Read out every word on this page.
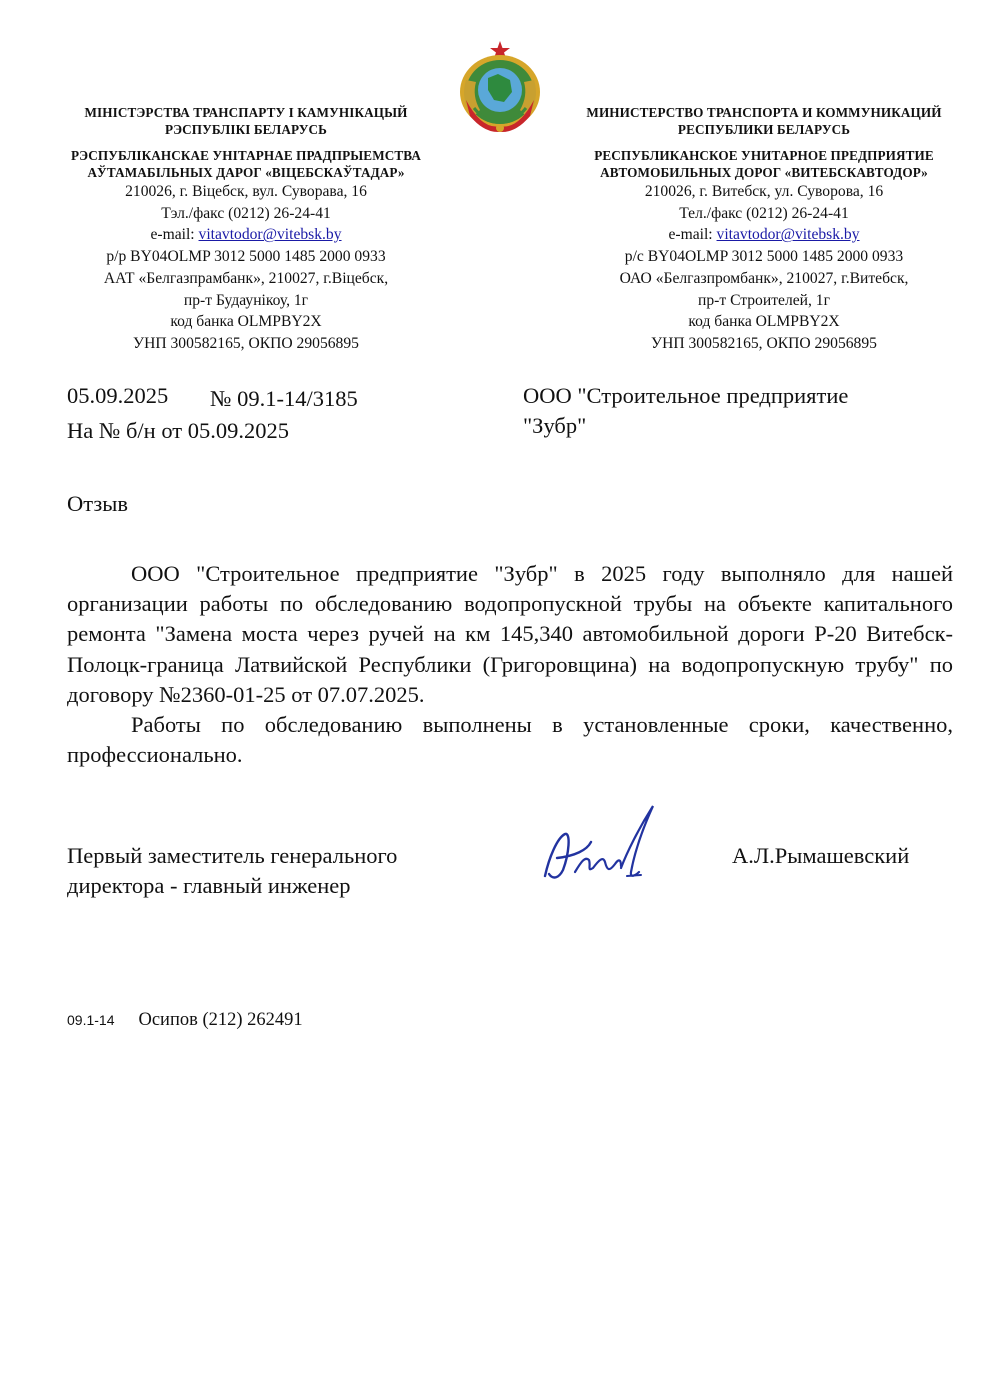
МІНІСТЭРСТВА ТРАНСПАРТУ І КАМУНІКАЦЫЙ
РЭСПУБЛІКІ БЕЛАРУСЬ
РЭСПУБЛІКАНСКАЕ УНІТАРНАЕ ПРАДПРЫЕМСТВА
АЎТАМАБІЛЬНЫХ ДАРОГ «ВІЦЕБСКАЎТАДАР»
210026, г. Віцебск, вул. Суворава, 16
Тэл./факс (0212) 26-24-41
e-mail: vitavtodor@vitebsk.by
р/р BY04OLMP 3012 5000 1485 2000 0933
ААТ «Белгазпрамбанк», 210027, г.Віцебск,
пр-т Будаунікоу, 1г
код банка OLMPBY2X
УНП 300582165, ОКПО 29056895
МИНИСТЕРСТВО ТРАНСПОРТА И КОММУНИКАЦИЙ
РЕСПУБЛИКИ БЕЛАРУСЬ
РЕСПУБЛИКАНСКОЕ УНИТАРНОЕ ПРЕДПРИЯТИЕ
АВТОМОБИЛЬНЫХ ДОРОГ «ВИТЕБСКАВТОДОР»
210026, г. Витебск, ул. Суворова, 16
Тел./факс (0212) 26-24-41
e-mail: vitavtodor@vitebsk.by
р/с BY04OLMP 3012 5000 1485 2000 0933
ОАО «Белгазпромбанк», 210027, г.Витебск,
пр-т Строителей, 1г
код банка OLMPBY2X
УНП 300582165, ОКПО 29056895
05.09.2025 № 09.1-14/3185
На № б/н от 05.09.2025
ООО "Строительное предприятие
"Зубр"
Отзыв

ООО "Строительное предприятие "Зубр" в 2025 году выполняло для нашей организации работы по обследованию водопропускной трубы на объекте капитального ремонта "Замена моста через ручей на км 145,340 автомобильной дороги Р-20 Витебск-Полоцк-граница Латвийской Республики (Григоровщина) на водопропускную трубу" по договору №2360-01-25 от 07.07.2025.

Работы по обследованию выполнены в установленные сроки, качественно, профессионально.

Первый заместитель генерального
директора - главный инженер
А.Л.Рымашевский
09.1-14 Осипов (212) 262491
